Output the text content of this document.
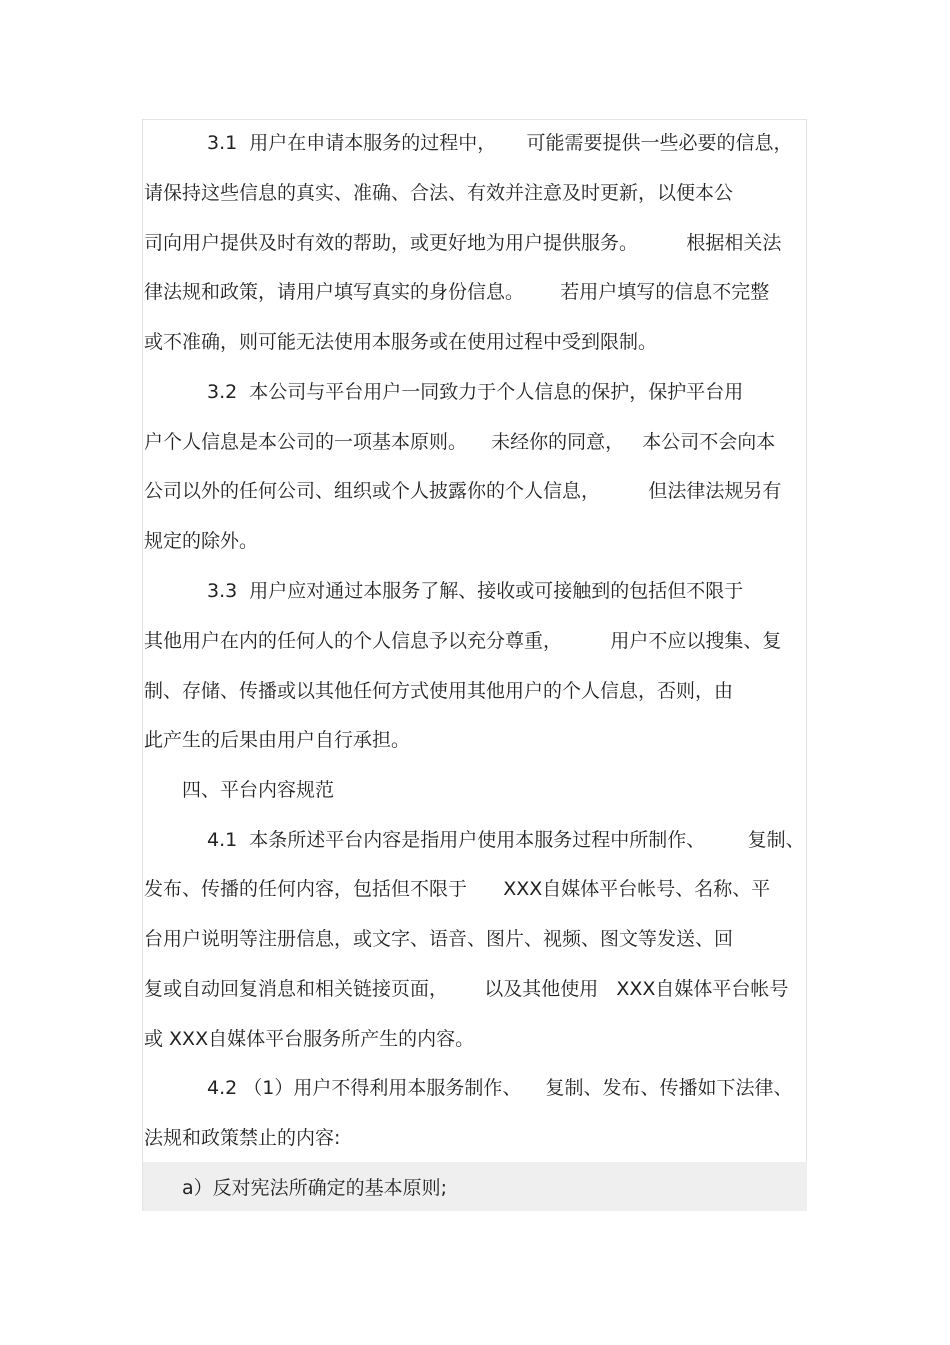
3.1  用户在申请本服务的过程中，     可能需要提供一些必要的信息，
请保持这些信息的真实、准确、合法、有效并注意及时更新，以便本公
司向用户提供及时有效的帮助，或更好地为用户提供服务。        根据相关法
律法规和政策，请用户填写真实的身份信息。      若用户填写的信息不完整
或不准确，则可能无法使用本服务或在使用过程中受到限制。
3.2  本公司与平台用户一同致力于个人信息的保护，保护平台用
户个人信息是本公司的一项基本原则。    未经你的同意，   本公司不会向本
公司以外的任何公司、组织或个人披露你的个人信息，        但法律法规另有
规定的除外。
3.3  用户应对通过本服务了解、接收或可接触到的包括但不限于
其他用户在内的任何人的个人信息予以充分尊重，        用户不应以搜集、复
制、存储、传播或以其他任何方式使用其他用户的个人信息，否则，由
此产生的后果由用户自行承担。
四、平台内容规范
4.1  本条所述平台内容是指用户使用本服务过程中所制作、       复制、
发布、传播的任何内容，包括但不限于      XXX自媒体平台帐号、名称、平
台用户说明等注册信息，或文字、语音、图片、视频、图文等发送、回
复或自动回复消息和相关链接页面，      以及其他使用   XXX自媒体平台帐号
或 XXX自媒体平台服务所产生的内容。
4.2 （1）用户不得利用本服务制作、    复制、发布、传播如下法律、
法规和政策禁止的内容:
a）反对宪法所确定的基本原则;
